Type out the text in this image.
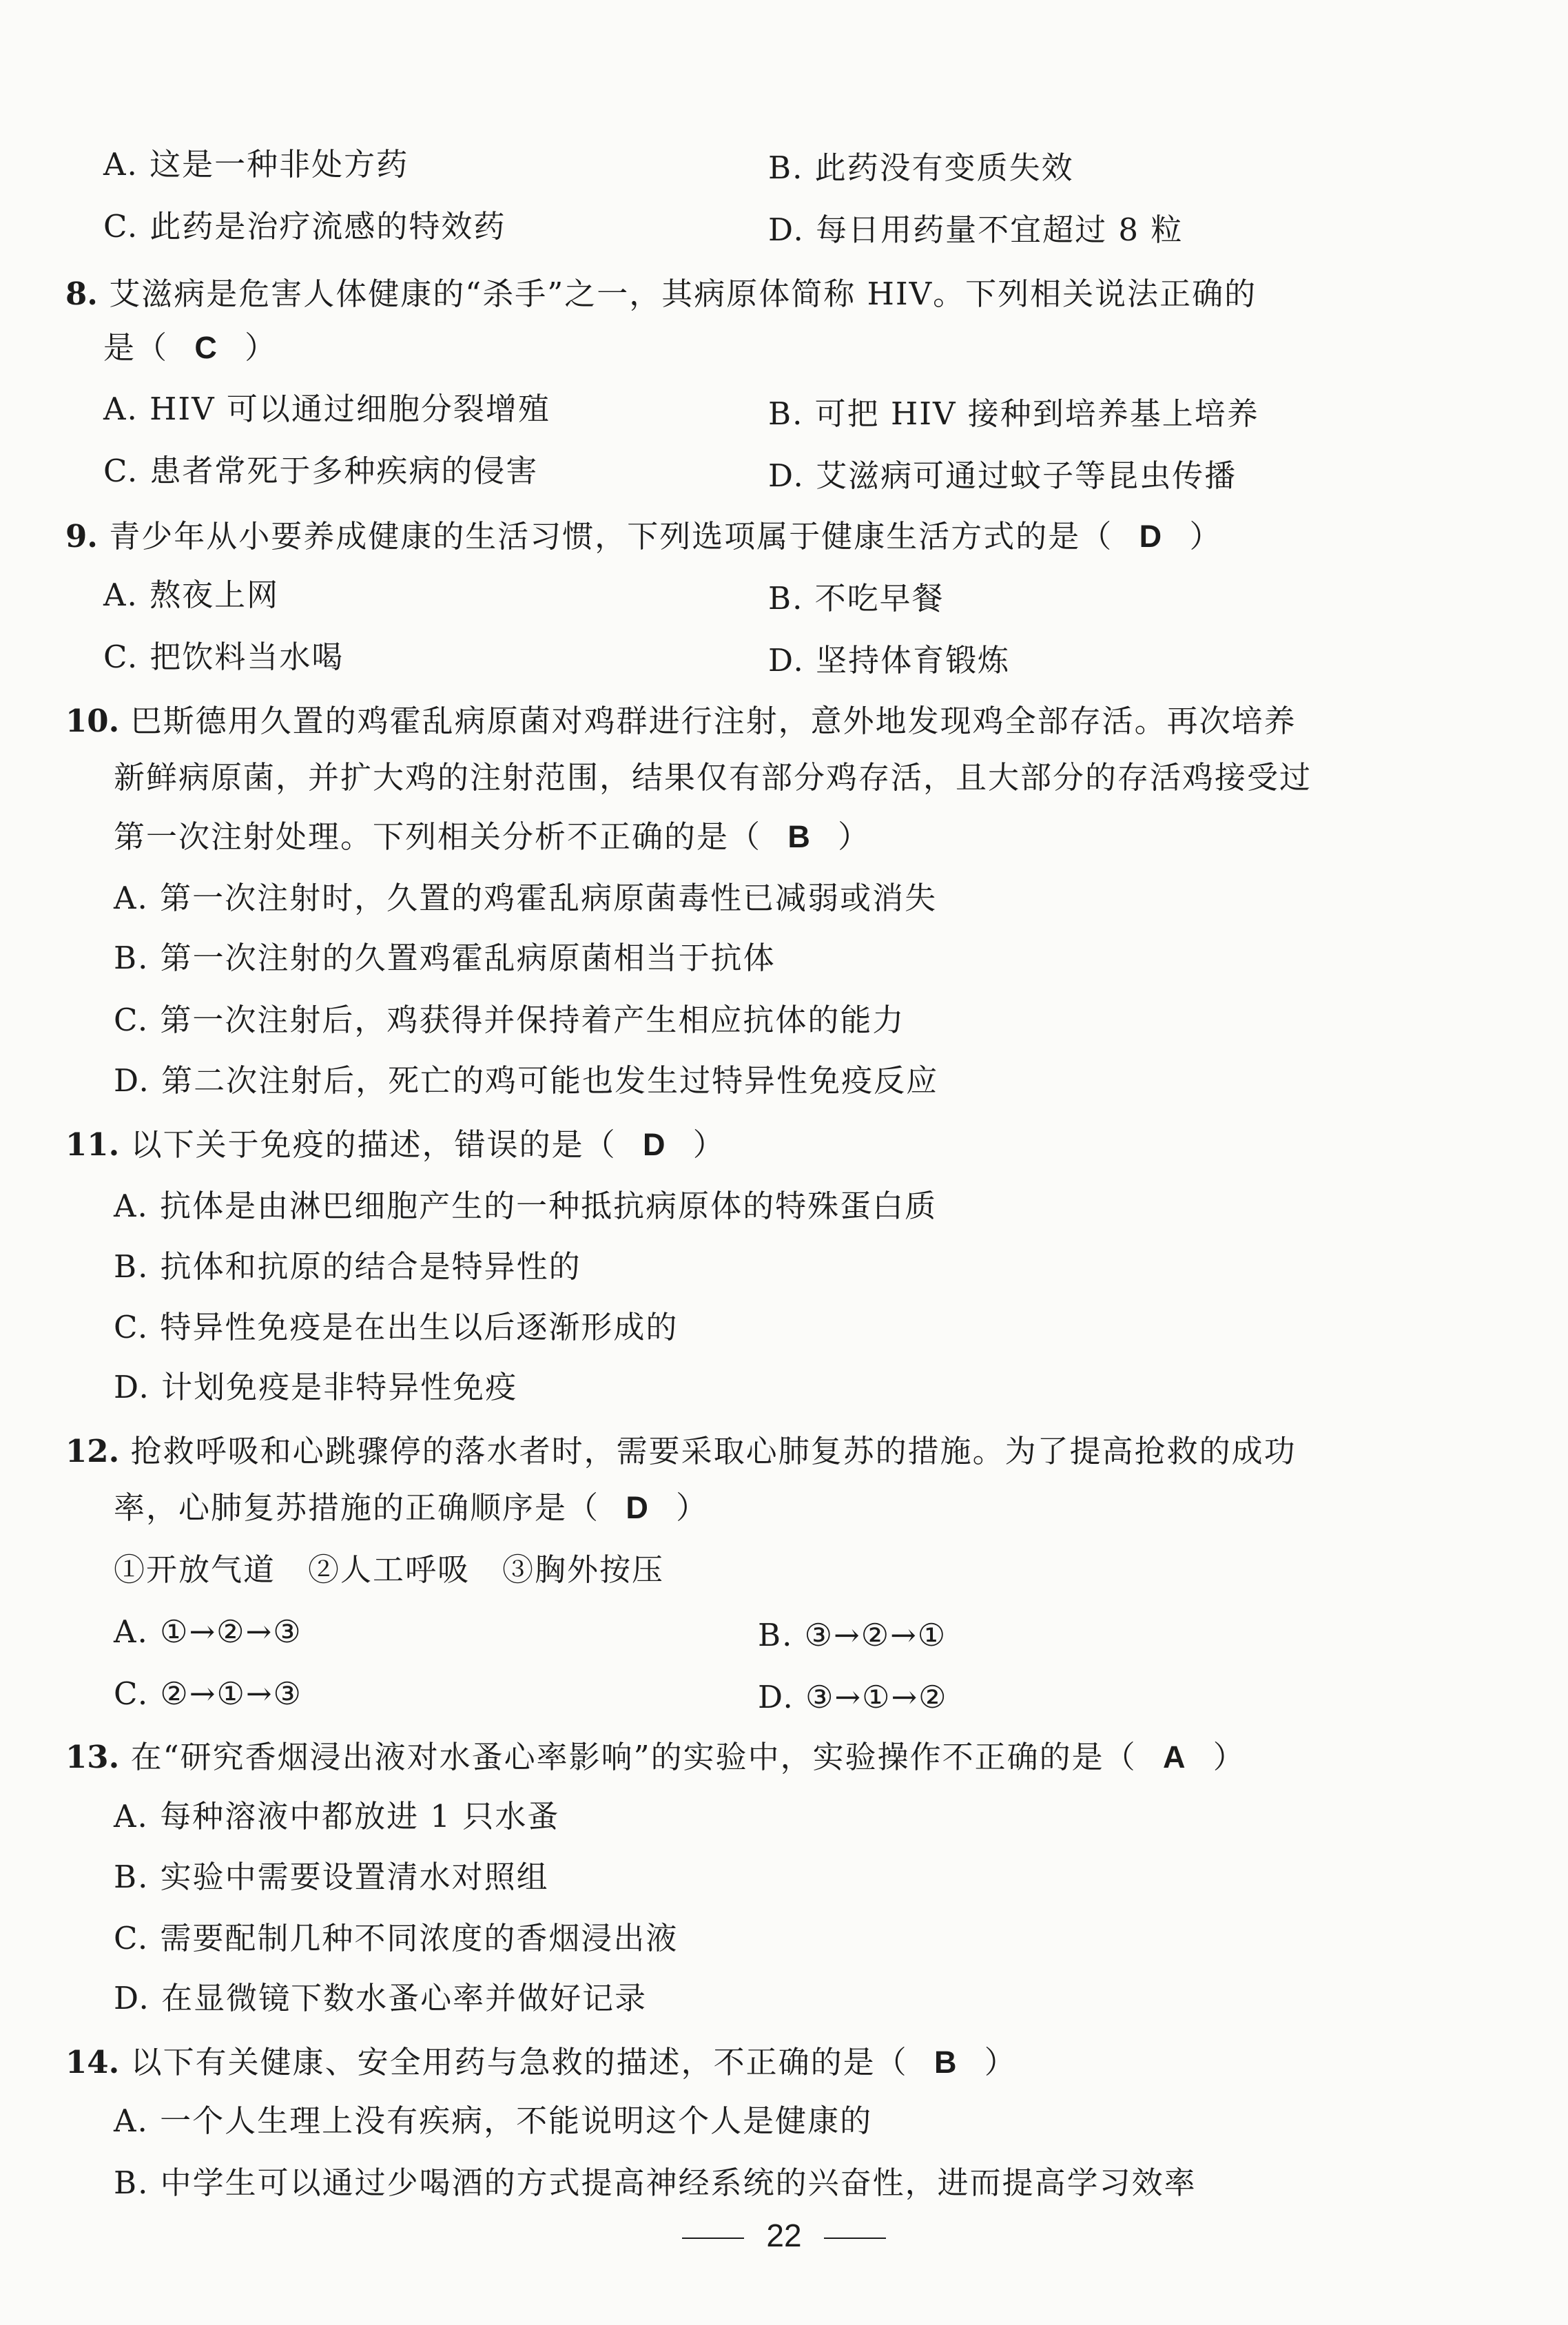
A. 这是一种非处方药	B. 此药没有变质失效
C. 此药是治疗流感的特效药	D. 每日用药量不宜超过 8 粒
8. 艾滋病是危害人体健康的“杀手”之一，其病原体简称 HIV。下列相关说法正确的
是（ C ）
A. HIV 可以通过细胞分裂增殖	B. 可把 HIV 接种到培养基上培养
C. 患者常死于多种疾病的侵害	D. 艾滋病可通过蚊子等昆虫传播
9. 青少年从小要养成健康的生活习惯，下列选项属于健康生活方式的是（ D ）
A. 熬夜上网	B. 不吃早餐
C. 把饮料当水喝	D. 坚持体育锻炼
10. 巴斯德用久置的鸡霍乱病原菌对鸡群进行注射，意外地发现鸡全部存活。再次培养
新鲜病原菌，并扩大鸡的注射范围，结果仅有部分鸡存活，且大部分的存活鸡接受过
第一次注射处理。下列相关分析不正确的是（ B ）
A. 第一次注射时，久置的鸡霍乱病原菌毒性已减弱或消失
B. 第一次注射的久置鸡霍乱病原菌相当于抗体
C. 第一次注射后，鸡获得并保持着产生相应抗体的能力
D. 第二次注射后，死亡的鸡可能也发生过特异性免疫反应
11. 以下关于免疫的描述，错误的是（ D ）
A. 抗体是由淋巴细胞产生的一种抵抗病原体的特殊蛋白质
B. 抗体和抗原的结合是特异性的
C. 特异性免疫是在出生以后逐渐形成的
D. 计划免疫是非特异性免疫
12. 抢救呼吸和心跳骤停的落水者时，需要采取心肺复苏的措施。为了提高抢救的成功
率，心肺复苏措施的正确顺序是（ D ）
①开放气道　②人工呼吸　③胸外按压
A. ①→②→③	B. ③→②→①
C. ②→①→③	D. ③→①→②
13. 在“研究香烟浸出液对水蚤心率影响”的实验中，实验操作不正确的是（ A ）
A. 每种溶液中都放进 1 只水蚤
B. 实验中需要设置清水对照组
C. 需要配制几种不同浓度的香烟浸出液
D. 在显微镜下数水蚤心率并做好记录
14. 以下有关健康、安全用药与急救的描述，不正确的是（ B ）
A. 一个人生理上没有疾病，不能说明这个人是健康的
B. 中学生可以通过少喝酒的方式提高神经系统的兴奋性，进而提高学习效率
22
